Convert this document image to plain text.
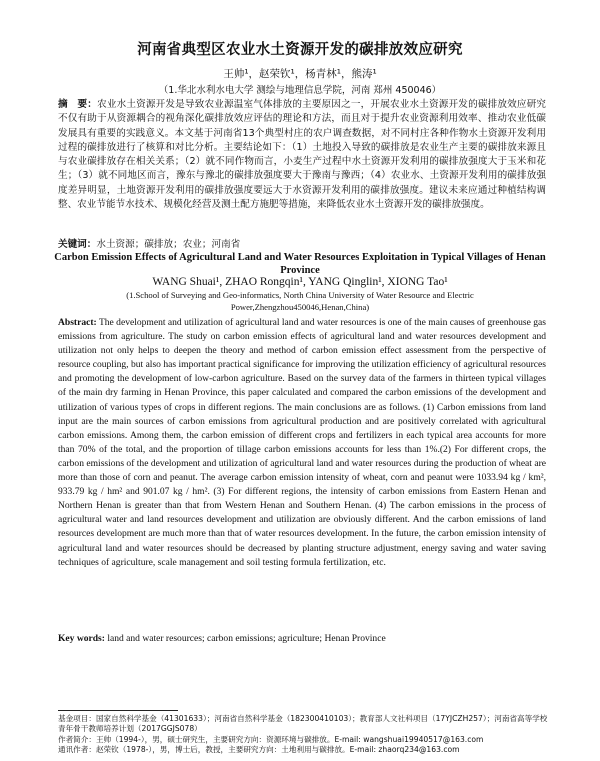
河南省典型区农业水土资源开发的碳排放效应研究
王帅¹，赵荣钦¹，杨青林¹，熊涛¹
（1.华北水利水电大学 测绘与地理信息学院，河南 郑州 450046）
摘　要：农业水土资源开发是导致农业源温室气体排放的主要原因之一，开展农业水土资源开发的碳排放效应研究不仅有助于从资源耦合的视角深化碳排放效应评估的理论和方法，而且对于提升农业资源利用效率、推动农业低碳发展具有重要的实践意义。本文基于河南省13个典型村庄的农户调查数据，对不同村庄各种作物水土资源开发利用过程的碳排放进行了核算和对比分析。主要结论如下：（1）土地投入导致的碳排放是农业生产主要的碳排放来源且与农业碳排放存在相关关系；（2）就不同作物而言，小麦生产过程中水土资源开发利用的碳排放强度大于玉米和花生；（3）就不同地区而言，豫东与豫北的碳排放强度要大于豫南与豫西；（4）农业水、土资源开发利用的碳排放强度差异明显，土地资源开发利用的碳排放强度要远大于水资源开发利用的碳排放强度。建议未来应通过种植结构调整、农业节能节水技术、规模化经营及测土配方施肥等措施，来降低农业水土资源开发的碳排放强度。
关键词：水土资源；碳排放；农业；河南省
Carbon Emission Effects of Agricultural Land and Water Resources Exploitation in Typical Villages of Henan Province
WANG Shuai¹, ZHAO Rongqin¹, YANG Qinglin¹, XIONG Tao¹
(1.School of Surveying and Geo-informatics, North China University of Water Resource and Electric Power,Zhengzhou450046,Henan,China)
Abstract: The development and utilization of agricultural land and water resources is one of the main causes of greenhouse gas emissions from agriculture. The study on carbon emission effects of agricultural land and water resources development and utilization not only helps to deepen the theory and method of carbon emission effect assessment from the perspective of resource coupling, but also has important practical significance for improving the utilization efficiency of agricultural resources and promoting the development of low-carbon agriculture. Based on the survey data of the farmers in thirteen typical villages of the main dry farming in Henan Province, this paper calculated and compared the carbon emissions of the development and utilization of various types of crops in different regions. The main conclusions are as follows. (1) Carbon emissions from land input are the main sources of carbon emissions from agricultural production and are positively correlated with agricultural carbon emissions. Among them, the carbon emission of different crops and fertilizers in each typical area accounts for more than 70% of the total, and the proportion of tillage carbon emissions accounts for less than 1%.(2) For different crops, the carbon emissions of the development and utilization of agricultural land and water resources during the production of wheat are more than those of corn and peanut. The average carbon emission intensity of wheat, corn and peanut were 1033.94 kg / km², 933.79 kg / hm² and 901.07 kg / hm². (3) For different regions, the intensity of carbon emissions from Eastern Henan and Northern Henan is greater than that from Western Henan and Southern Henan. (4) The carbon emissions in the process of agricultural water and land resources development and utilization are obviously different. And the carbon emissions of land resources development are much more than that of water resources development. In the future, the carbon emission intensity of agricultural land and water resources should be decreased by planting structure adjustment, energy saving and water saving techniques of agriculture, scale management and soil testing formula fertilization, etc.
Key words: land and water resources; carbon emissions; agriculture; Henan Province
基金项目：国家自然科学基金（41301633）；河南省自然科学基金（182300410103）；教育部人文社科项目（17YJCZH257）；河南省高等学校青年骨干教师培养计划（2017GGJS078）
作者简介：王帅（1994-），男，硕士研究生，主要研究方向：资源环境与碳排放。E-mail: wangshuai19940517@163.com
通讯作者：赵荣钦（1978-），男，博士后，教授，主要研究方向：土地利用与碳排放。E-mail: zhaorq234@163.com
